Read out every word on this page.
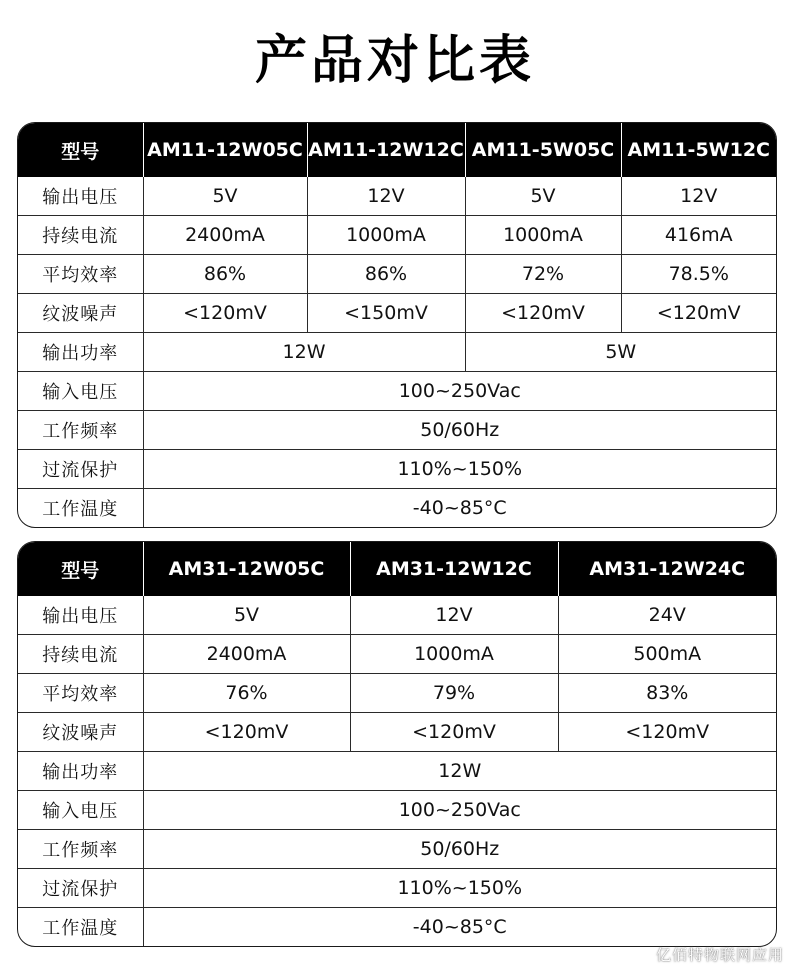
产品对比表
型号	AM11-12W05C	AM11-12W12C	AM11-5W05C	AM11-5W12C
输出电压	5V	12V	5V	12V
持续电流	2400mA	1000mA	1000mA	416mA
平均效率	86%	86%	72%	78.5%
纹波噪声	<120mV	<150mV	<120mV	<120mV
输出功率	12W		5W	
输入电压	100~250Vac			
工作频率	50/60Hz			
过流保护	110%~150%			
工作温度	-40~85°C			
型号	AM31-12W05C	AM31-12W12C	AM31-12W24C
输出电压	5V	12V	24V
持续电流	2400mA	1000mA	500mA
平均效率	76%	79%	83%
纹波噪声	<120mV	<120mV	<120mV
输出功率	12W		
输入电压	100~250Vac		
工作频率	50/60Hz		
过流保护	110%~150%		
工作温度	-40~85°C		
亿佰特物联网应用
